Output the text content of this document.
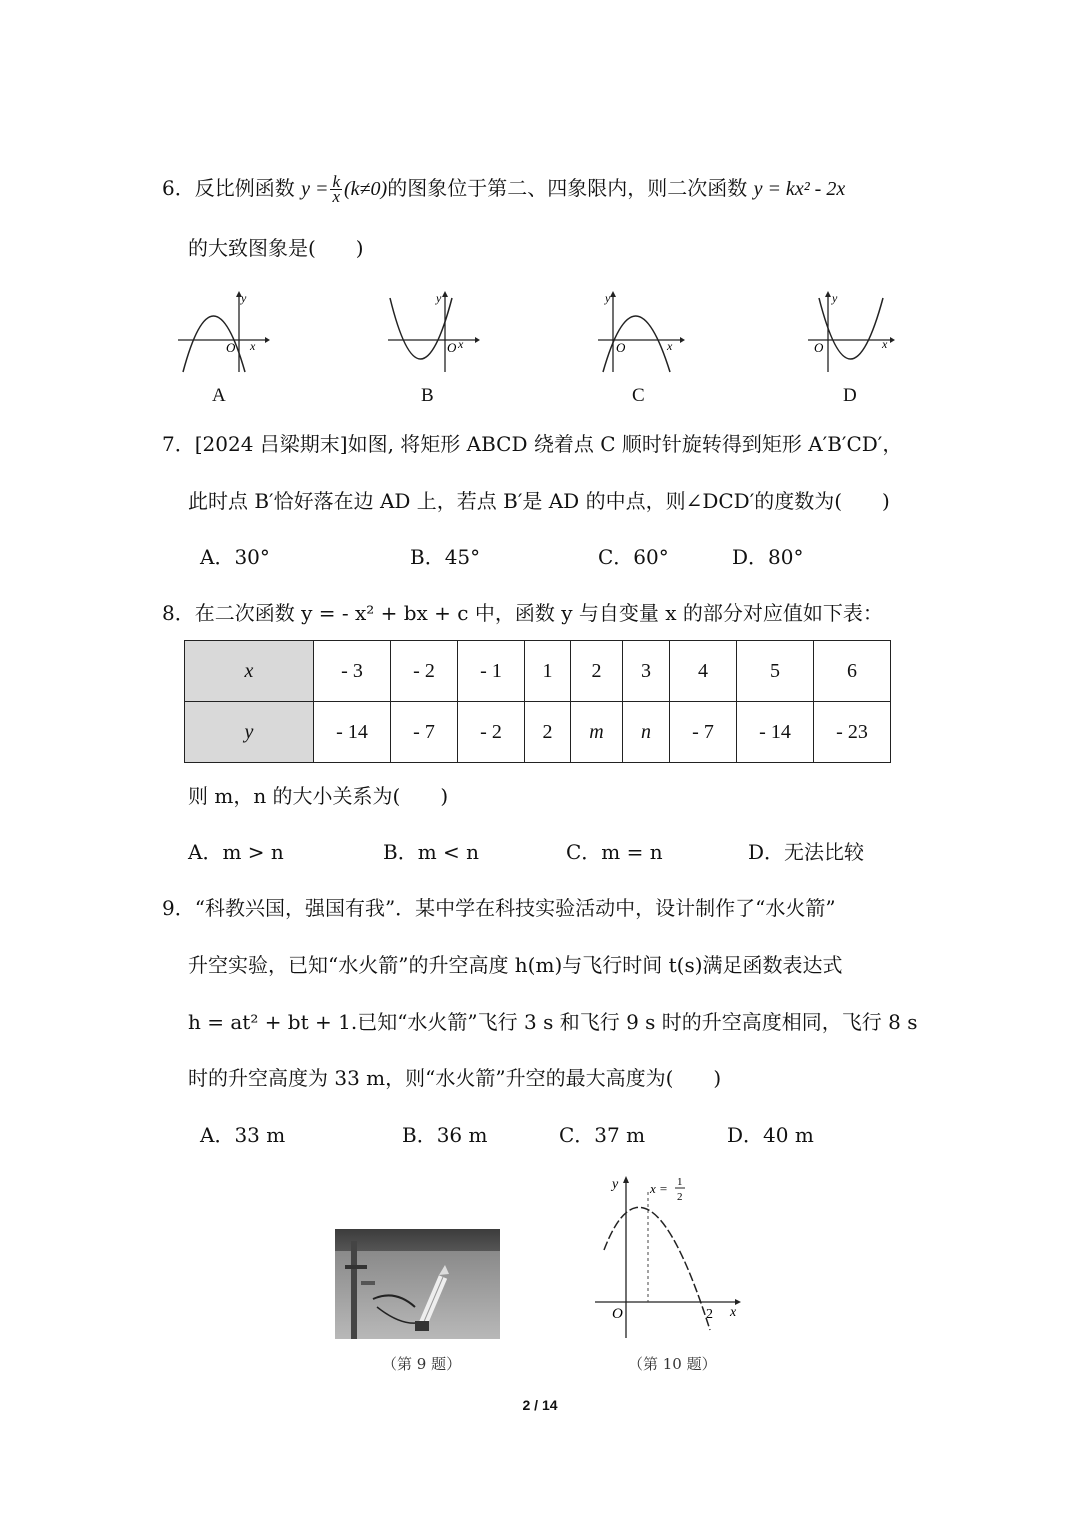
6．反比例函数 $y = \frac{k}{x} (k\ne 0)$的图象位于第二、四象限内，则二次函数 y = kx² - 2x
的大致图象是(　　)
y
O x
y
O x
y
O	x
y
O	x
A	B	C	D
7．[2024 吕梁期末]如图, 将矩形 ABCD 绕着点 C 顺时针旋转得到矩形 A′B′CD′，
此时点 B′恰好落在边 AD 上，若点 B′是 AD 的中点，则∠DCD′的度数为(　　)
A．30°	B．45°	C．60°	D．80°
8．在二次函数 y = - x² + bx + c 中，函数 y 与自变量 x 的部分对应值如下表：
x	- 3	- 2	- 1	1	2	3	4	5	6
y	- 14	- 7	- 2	2	m	n	- 7	- 14	- 23
则 m，n 的大小关系为(　　)
A．m > n	B．m < n	C．m = n	D．无法比较
9．“科教兴国，强国有我”．某中学在科技实验活动中，设计制作了“水火箭”
升空实验，已知“水火箭”的升空高度 h(m)与飞行时间 t(s)满足函数表达式
h = at² + bt + 1.已知“水火箭”飞行 3 s 和飞行 9 s 时的升空高度相同，飞行 8 s
时的升空高度为 33 m，则“水火箭”升空的最大高度为(　　)
A．33 m	B．36 m	C．37 m	D．40 m
（第 9 题）
y
O	x
2
x = 1
2
（第 10 题）
2 / 14
